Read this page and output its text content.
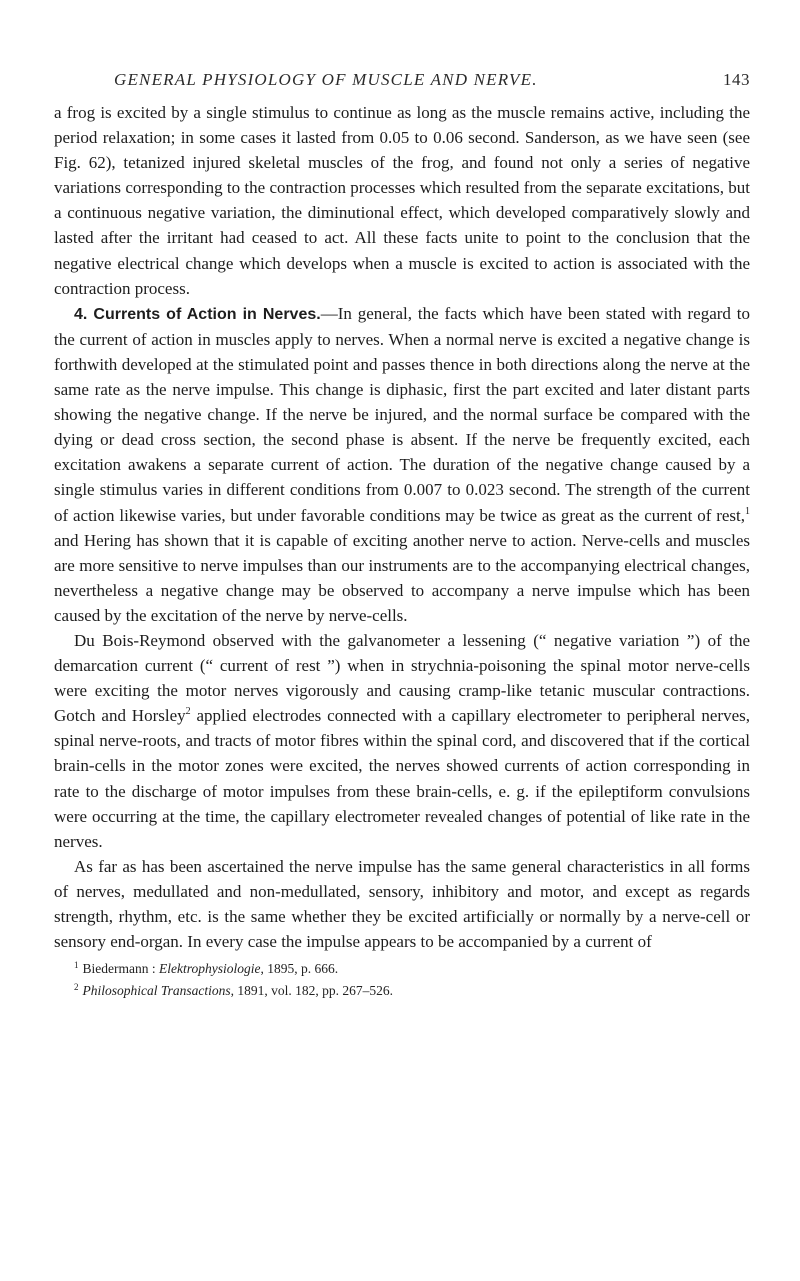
GENERAL PHYSIOLOGY OF MUSCLE AND NERVE.	143

a frog is excited by a single stimulus to continue as long as the muscle remains active, including the period relaxation; in some cases it lasted from 0.05 to 0.06 second. Sanderson, as we have seen (see Fig. 62), tetanized injured skeletal muscles of the frog, and found not only a series of negative variations corresponding to the contraction processes which resulted from the separate excitations, but a continuous negative variation, the diminutional effect, which developed comparatively slowly and lasted after the irritant had ceased to act. All these facts unite to point to the conclusion that the negative electrical change which develops when a muscle is excited to action is associated with the contraction process.

4. Currents of Action in Nerves.—In general, the facts which have been stated with regard to the current of action in muscles apply to nerves. When a normal nerve is excited a negative change is forthwith developed at the stimulated point and passes thence in both directions along the nerve at the same rate as the nerve impulse. This change is diphasic, first the part excited and later distant parts showing the negative change. If the nerve be injured, and the normal surface be compared with the dying or dead cross section, the second phase is absent. If the nerve be frequently excited, each excitation awakens a separate current of action. The duration of the negative change caused by a single stimulus varies in different conditions from 0.007 to 0.023 second. The strength of the current of action likewise varies, but under favorable conditions may be twice as great as the current of rest,$^1$ and Hering has shown that it is capable of exciting another nerve to action. Nerve-cells and muscles are more sensitive to nerve impulses than our instruments are to the accompanying electrical changes, nevertheless a negative change may be observed to accompany a nerve impulse which has been caused by the excitation of the nerve by nerve-cells.

Du Bois-Reymond observed with the galvanometer a lessening (“ negative variation ”) of the demarcation current (“ current of rest ”) when in strychnia-poisoning the spinal motor nerve-cells were exciting the motor nerves vigorously and causing cramp-like tetanic muscular contractions. Gotch and Horsley$^2$ applied electrodes connected with a capillary electrometer to peripheral nerves, spinal nerve-roots, and tracts of motor fibres within the spinal cord, and discovered that if the cortical brain-cells in the motor zones were excited, the nerves showed currents of action corresponding in rate to the discharge of motor impulses from these brain-cells, e. g. if the epileptiform convulsions were occurring at the time, the capillary electrometer revealed changes of potential of like rate in the nerves.

As far as has been ascertained the nerve impulse has the same general characteristics in all forms of nerves, medullated and non-medullated, sensory, inhibitory and motor, and except as regards strength, rhythm, etc. is the same whether they be excited artificially or normally by a nerve-cell or sensory end-organ. In every case the impulse appears to be accompanied by a current of

$^1$ Biedermann : Elektrophysiologie, 1895, p. 666.
$^2$ Philosophical Transactions, 1891, vol. 182, pp. 267–526.
